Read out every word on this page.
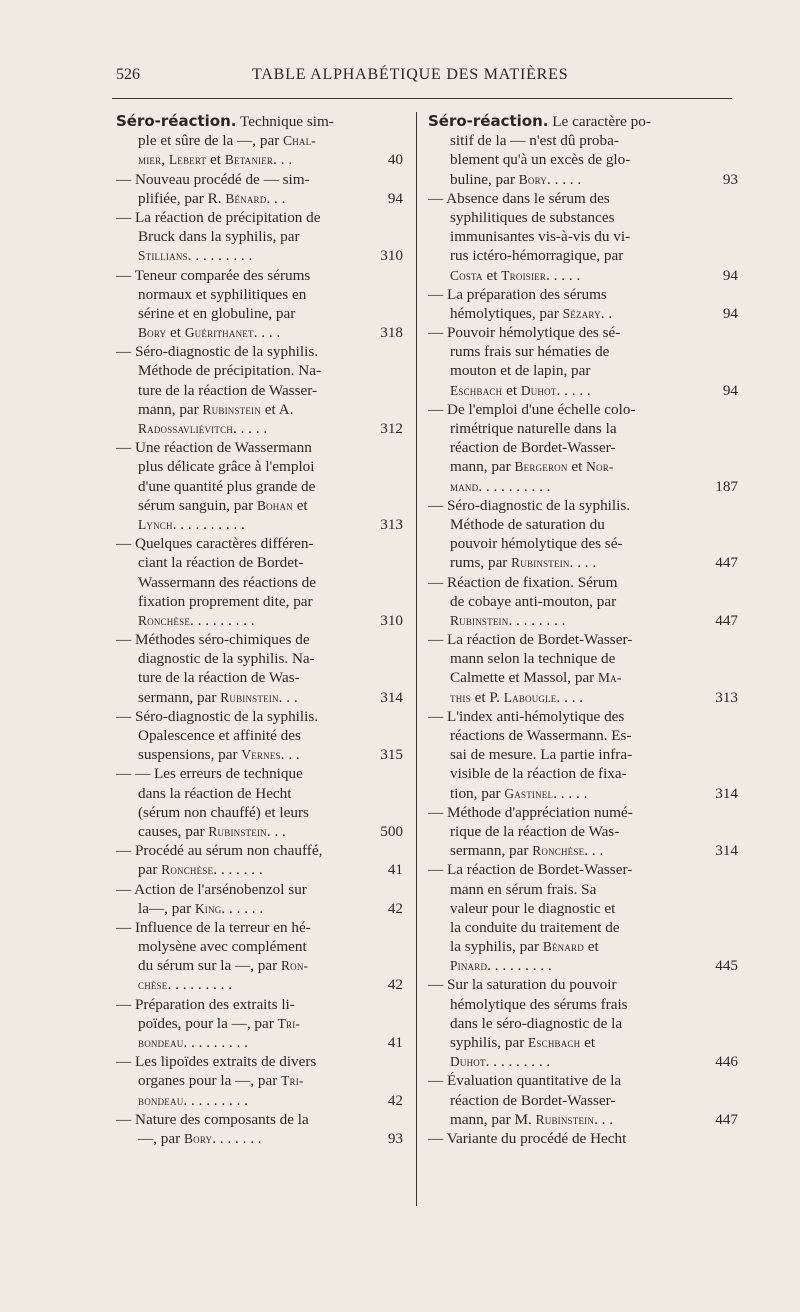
526	TABLE ALPHABÉTIQUE DES MATIÈRES
Séro-réaction. Technique sim-
ple et sûre de la —, par Chal-
mier, Lebert et Betanier. . .	40
— Nouveau procédé de — sim-
plifiée, par R. Bénard. . .	94
— La réaction de précipitation de
Bruck dans la syphilis, par
Stillians. . . . . . . . .	310
— Teneur comparée des sérums
normaux et syphilitiques en
sérine et en globuline, par
Bory et Guérithanet. . . .	318
— Séro-diagnostic de la syphilis.
Méthode de précipitation. Na-
ture de la réaction de Wasser-
mann, par Rubinstein et A.
Radossavliévitch. . . . .	312
— Une réaction de Wassermann
plus délicate grâce à l'emploi
d'une quantité plus grande de
sérum sanguin, par Bohan et
Lynch. . . . . . . . . .	313
— Quelques caractères différen-
ciant la réaction de Bordet-
Wassermann des réactions de
fixation proprement dite, par
Ronchèse. . . . . . . . .	310
— Méthodes séro-chimiques de
diagnostic de la syphilis. Na-
ture de la réaction de Was-
sermann, par Rubinstein. . .	314
— Séro-diagnostic de la syphilis.
Opalescence et affinité des
suspensions, par Vernes. . .	315
— — Les erreurs de technique
dans la réaction de Hecht
(sérum non chauffé) et leurs
causes, par Rubinstein. . .	500
— Procédé au sérum non chauffé,
par Ronchèse. . . . . . .	41
— Action de l'arsénobenzol sur
la—, par King. . . . . .	42
— Influence de la terreur en hé-
molysène avec complément
du sérum sur la —, par Ron-
chèse. . . . . . . . .	42
— Préparation des extraits li-
poïdes, pour la —, par Tri-
bondeau. . . . . . . . .	41
— Les lipoïdes extraits de divers
organes pour la —, par Tri-
bondeau. . . . . . . . .	42
— Nature des composants de la
—, par Bory. . . . . . .	93
Séro-réaction. Le caractère po-
sitif de la — n'est dû proba-
blement qu'à un excès de glo-
buline, par Bory. . . . .	93
— Absence dans le sérum des
syphilitiques de substances
immunisantes vis-à-vis du vi-
rus ictéro-hémorragique, par
Costa et Troisier. . . . .	94
— La préparation des sérums
hémolytiques, par Sézary. .	94
— Pouvoir hémolytique des sé-
rums frais sur hématies de
mouton et de lapin, par
Eschbach et Duhot. . . . .	94
— De l'emploi d'une échelle colo-
rimétrique naturelle dans la
réaction de Bordet-Wasser-
mann, par Bergeron et Nor-
mand. . . . . . . . . .	187
— Séro-diagnostic de la syphilis.
Méthode de saturation du
pouvoir hémolytique des sé-
rums, par Rubinstein. . . .	447
— Réaction de fixation. Sérum
de cobaye anti-mouton, par
Rubinstein. . . . . . . .	447
— La réaction de Bordet-Wasser-
mann selon la technique de
Calmette et Massol, par Ma-
this et P. Labougle. . . .	313
— L'index anti-hémolytique des
réactions de Wassermann. Es-
sai de mesure. La partie infra-
visible de la réaction de fixa-
tion, par Gastinel. . . . .	314
— Méthode d'appréciation numé-
rique de la réaction de Was-
sermann, par Ronchèse. . .	314
— La réaction de Bordet-Wasser-
mann en sérum frais. Sa
valeur pour le diagnostic et
la conduite du traitement de
la syphilis, par Bénard et
Pinard. . . . . . . . .	445
— Sur la saturation du pouvoir
hémolytique des sérums frais
dans le séro-diagnostic de la
syphilis, par Eschbach et
Duhot. . . . . . . . .	446
— Évaluation quantitative de la
réaction de Bordet-Wasser-
mann, par M. Rubinstein. . .	447
— Variante du procédé de Hecht
